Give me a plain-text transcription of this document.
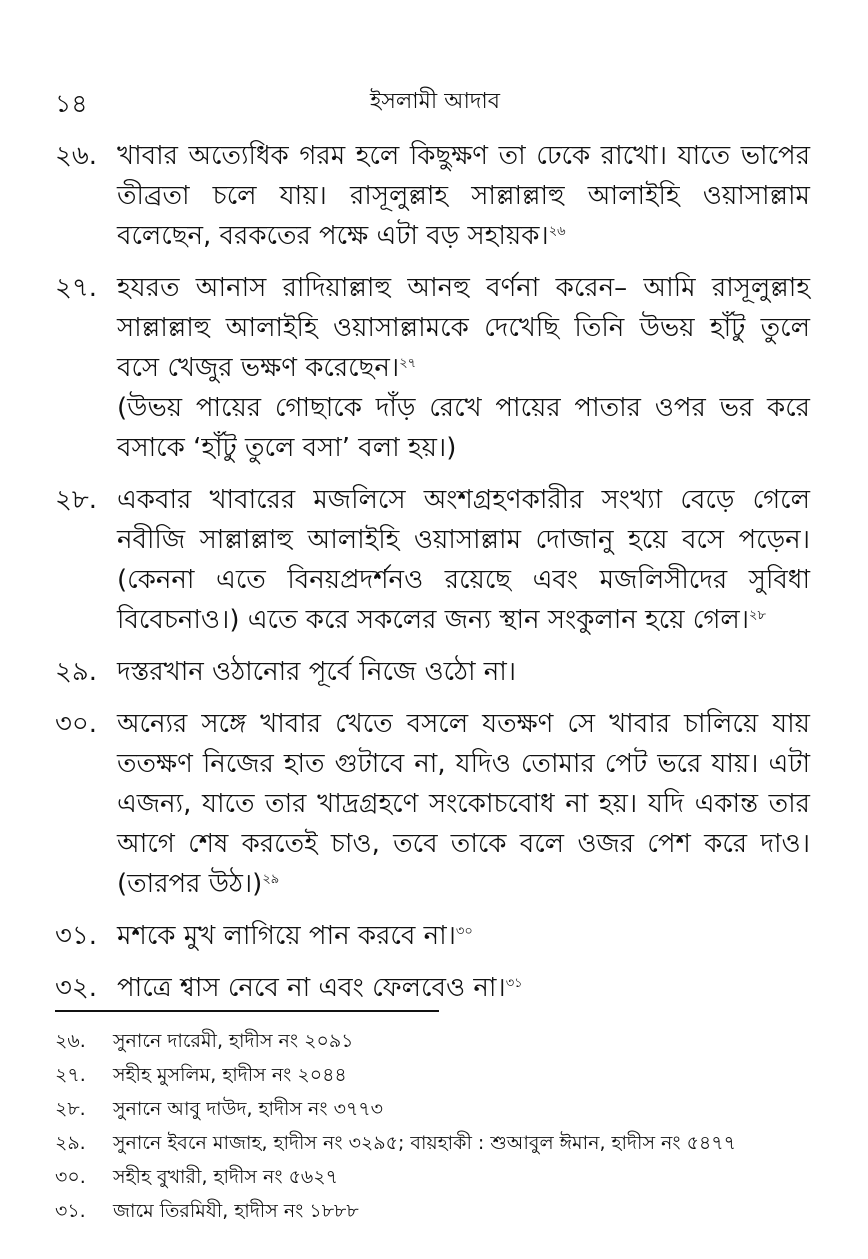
১৪	ইসলামী আদাব
২৬. খাবার অত্যেধিক গরম হলে কিছুক্ষণ তা ঢেকে রাখো। যাতে ভাপের তীব্রতা চলে যায়। রাসূলুল্লাহ সাল্লাল্লাহু আলাইহি ওয়াসাল্লাম বলেছেন, বরকতের পক্ষে এটা বড় সহায়ক।$^{২৬}$
২৭. হযরত আনাস রাদিয়াল্লাহু আনহু বর্ণনা করেন– আমি রাসূলুল্লাহ সাল্লাল্লাহু আলাইহি ওয়াসাল্লামকে দেখেছি তিনি উভয় হাঁটু তুলে বসে খেজুর ভক্ষণ করেছেন।$^{২৭}$
(উভয় পায়ের গোছাকে দাঁড় রেখে পায়ের পাতার ওপর ভর করে বসাকে ‘হাঁটু তুলে বসা’ বলা হয়।)
২৮. একবার খাবারের মজলিসে অংশগ্রহণকারীর সংখ্যা বেড়ে গেলে নবীজি সাল্লাল্লাহু আলাইহি ওয়াসাল্লাম দোজানু হয়ে বসে পড়েন। (কেননা এতে বিনয়প্রদর্শনও রয়েছে এবং মজলিসীদের সুবিধা বিবেচনাও।) এতে করে সকলের জন্য স্থান সংকুলান হয়ে গেল।$^{২৮}$
২৯. দস্তরখান ওঠানোর পূর্বে নিজে ওঠো না।
৩০. অন্যের সঙ্গে খাবার খেতে বসলে যতক্ষণ সে খাবার চালিয়ে যায় ততক্ষণ নিজের হাত গুটাবে না, যদিও তোমার পেট ভরে যায়। এটা এজন্য, যাতে তার খাদ্রগ্রহণে সংকোচবোধ না হয়। যদি একান্ত তার আগে শেষ করতেই চাও, তবে তাকে বলে ওজর পেশ করে দাও। (তারপর উঠ।)$^{২৯}$
৩১. মশকে মুখ লাগিয়ে পান করবে না।$^{৩০}$
৩২. পাত্রে শ্বাস নেবে না এবং ফেলবেও না।$^{৩১}$
২৬. সুনানে দারেমী, হাদীস নং ২০৯১
২৭. সহীহ মুসলিম, হাদীস নং ২০৪৪
২৮. সুনানে আবু দাউদ, হাদীস নং ৩৭৭৩
২৯. সুনানে ইবনে মাজাহ, হাদীস নং ৩২৯৫; বায়হাকী : শুআবুল ঈমান, হাদীস নং ৫৪৭৭
৩০. সহীহ বুখারী, হাদীস নং ৫৬২৭
৩১. জামে তিরমিযী, হাদীস নং ১৮৮৮
